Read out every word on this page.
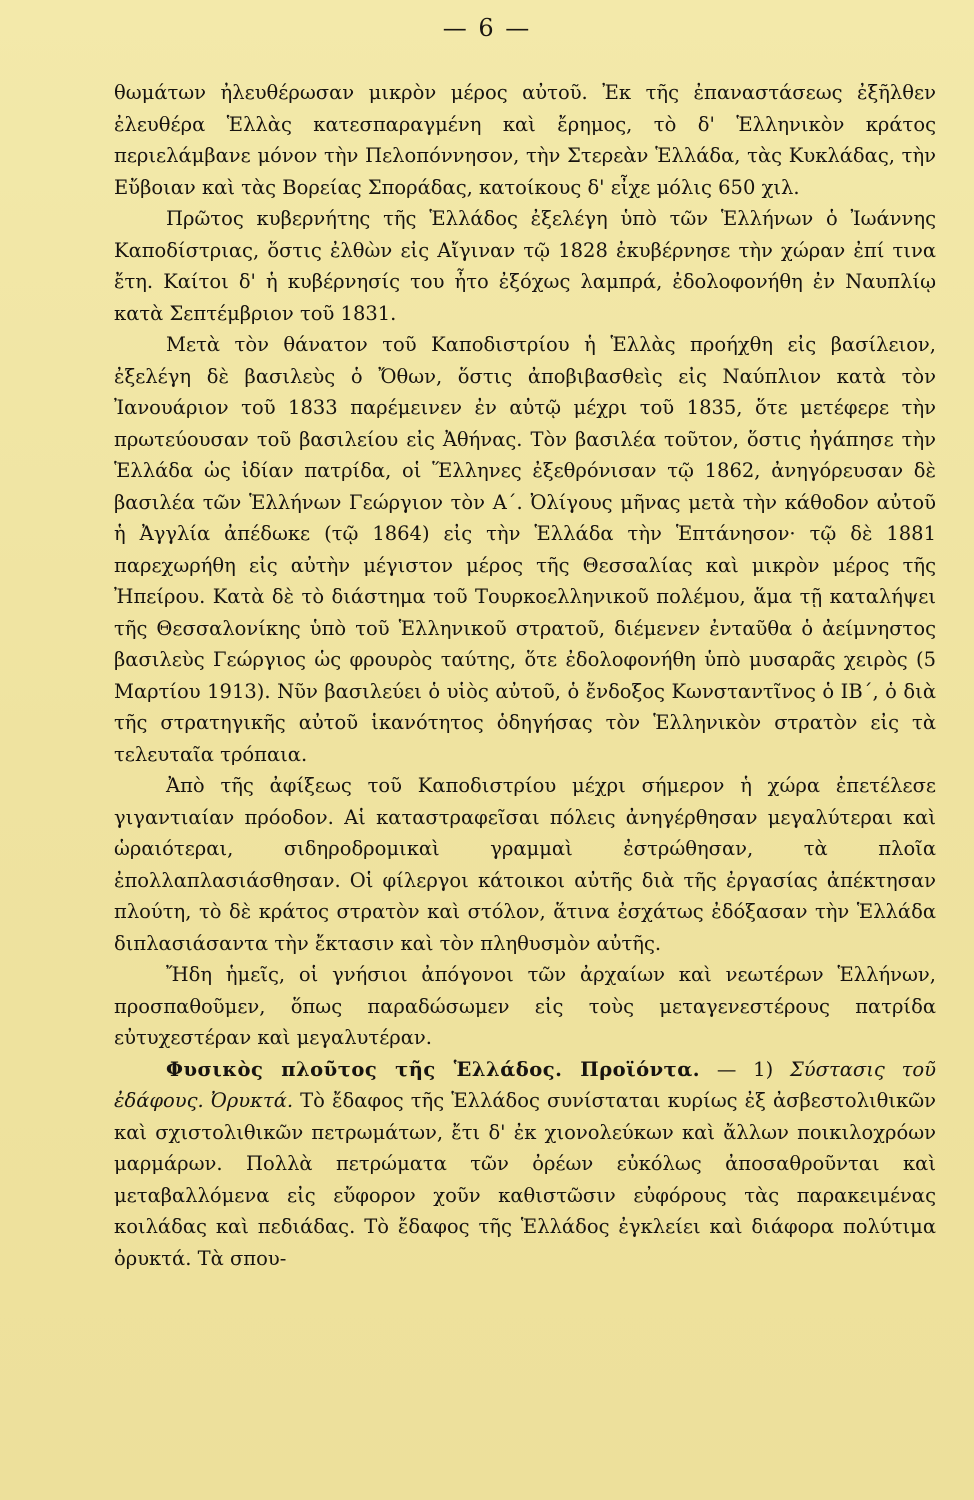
— 6 —

θωμάτων ἠλευθέρωσαν μικρὸν μέρος αὐτοῦ. Ἐκ τῆς ἐπαναστάσεως ἐξῆλθεν ἐλευθέρα Ἑλλὰς κατεσπαραγμένη καὶ ἔρημος, τὸ δ' Ἑλληνικὸν κράτος περιελάμβανε μόνον τὴν Πελοπόννησον, τὴν Στερεὰν Ἑλλάδα, τὰς Κυκλάδας, τὴν Εὔβοιαν καὶ τὰς Βορείας Σποράδας, κατοίκους δ' εἶχε μόλις 650 χιλ.

Πρῶτος κυβερνήτης τῆς Ἑλλάδος ἐξελέγη ὑπὸ τῶν Ἑλλήνων ὁ Ἰωάννης Καποδίστριας, ὅστις ἐλθὼν εἰς Αἴγιναν τῷ 1828 ἐκυβέρνησε τὴν χώραν ἐπί τινα ἔτη. Καίτοι δ' ἡ κυβέρνησίς του ἦτο ἐξόχως λαμπρά, ἐδολοφονήθη ἐν Ναυπλίῳ κατὰ Σεπτέμβριον τοῦ 1831.

Μετὰ τὸν θάνατον τοῦ Καποδιστρίου ἡ Ἑλλὰς προήχθη εἰς βασίλειον, ἐξελέγη δὲ βασιλεὺς ὁ Ὄθων, ὅστις ἀποβιβασθεὶς εἰς Ναύπλιον κατὰ τὸν Ἰανουάριον τοῦ 1833 παρέμεινεν ἐν αὐτῷ μέχρι τοῦ 1835, ὅτε μετέφερε τὴν πρωτεύουσαν τοῦ βασιλείου εἰς Ἀθήνας. Τὸν βασιλέα τοῦτον, ὅστις ἠγάπησε τὴν Ἑλλάδα ὡς ἰδίαν πατρίδα, οἱ Ἕλληνες ἐξεθρόνισαν τῷ 1862, ἀνηγόρευσαν δὲ βασιλέα τῶν Ἑλλήνων Γεώργιον τὸν Α΄. Ὀλίγους μῆνας μετὰ τὴν κάθοδον αὐτοῦ ἡ Ἀγγλία ἀπέδωκε (τῷ 1864) εἰς τὴν Ἑλλάδα τὴν Ἑπτάνησον· τῷ δὲ 1881 παρεχωρήθη εἰς αὐτὴν μέγιστον μέρος τῆς Θεσσαλίας καὶ μικρὸν μέρος τῆς Ἠπείρου. Κατὰ δὲ τὸ διάστημα τοῦ Τουρκοελληνικοῦ πολέμου, ἅμα τῇ καταλήψει τῆς Θεσσαλονίκης ὑπὸ τοῦ Ἑλληνικοῦ στρατοῦ, διέμενεν ἐνταῦθα ὁ ἀείμνηστος βασιλεὺς Γεώργιος ὡς φρουρὸς ταύτης, ὅτε ἐδολοφονήθη ὑπὸ μυσαρᾶς χειρὸς (5 Μαρτίου 1913). Νῦν βασιλεύει ὁ υἱὸς αὐτοῦ, ὁ ἔνδοξος Κωνσταντῖνος ὁ ΙΒ΄, ὁ διὰ τῆς στρατηγικῆς αὐτοῦ ἱκανότητος ὁδηγήσας τὸν Ἑλληνικὸν στρατὸν εἰς τὰ τελευταῖα τρόπαια.

Ἀπὸ τῆς ἀφίξεως τοῦ Καποδιστρίου μέχρι σήμερον ἡ χώρα ἐπετέλεσε γιγαντιαίαν πρόοδον. Αἱ καταστραφεῖσαι πόλεις ἀνηγέρθησαν μεγαλύτεραι καὶ ὡραιότεραι, σιδηροδρομικαὶ γραμμαὶ ἐστρώθησαν, τὰ πλοῖα ἐπολλαπλασιάσθησαν. Οἱ φίλεργοι κάτοικοι αὐτῆς διὰ τῆς ἐργασίας ἀπέκτησαν πλούτη, τὸ δὲ κράτος στρατὸν καὶ στόλον, ἅτινα ἐσχάτως ἐδόξασαν τὴν Ἑλλάδα διπλασιάσαντα τὴν ἔκτασιν καὶ τὸν πληθυσμὸν αὐτῆς.

Ἤδη ἡμεῖς, οἱ γνήσιοι ἀπόγονοι τῶν ἀρχαίων καὶ νεωτέρων Ἑλλήνων, προσπαθοῦμεν, ὅπως παραδώσωμεν εἰς τοὺς μεταγενεστέρους πατρίδα εὐτυχεστέραν καὶ μεγαλυτέραν.

Φυσικὸς πλοῦτος τῆς Ἑλλάδος. Προϊόντα. — 1) Σύστασις τοῦ ἐδάφους. Ὀρυκτά. Τὸ ἔδαφος τῆς Ἑλλάδος συνίσταται κυρίως ἐξ ἀσβεστολιθικῶν καὶ σχιστολιθικῶν πετρωμάτων, ἔτι δ' ἐκ χιονολεύκων καὶ ἄλλων ποικιλοχρόων μαρμάρων. Πολλὰ πετρώματα τῶν ὀρέων εὐκόλως ἀποσαθροῦνται καὶ μεταβαλλόμενα εἰς εὔφορον χοῦν καθιστῶσιν εὐφόρους τὰς παρακειμένας κοιλάδας καὶ πεδιάδας. Τὸ ἔδαφος τῆς Ἑλλάδος ἐγκλείει καὶ διάφορα πολύτιμα ὀρυκτά. Τὰ σπου-
